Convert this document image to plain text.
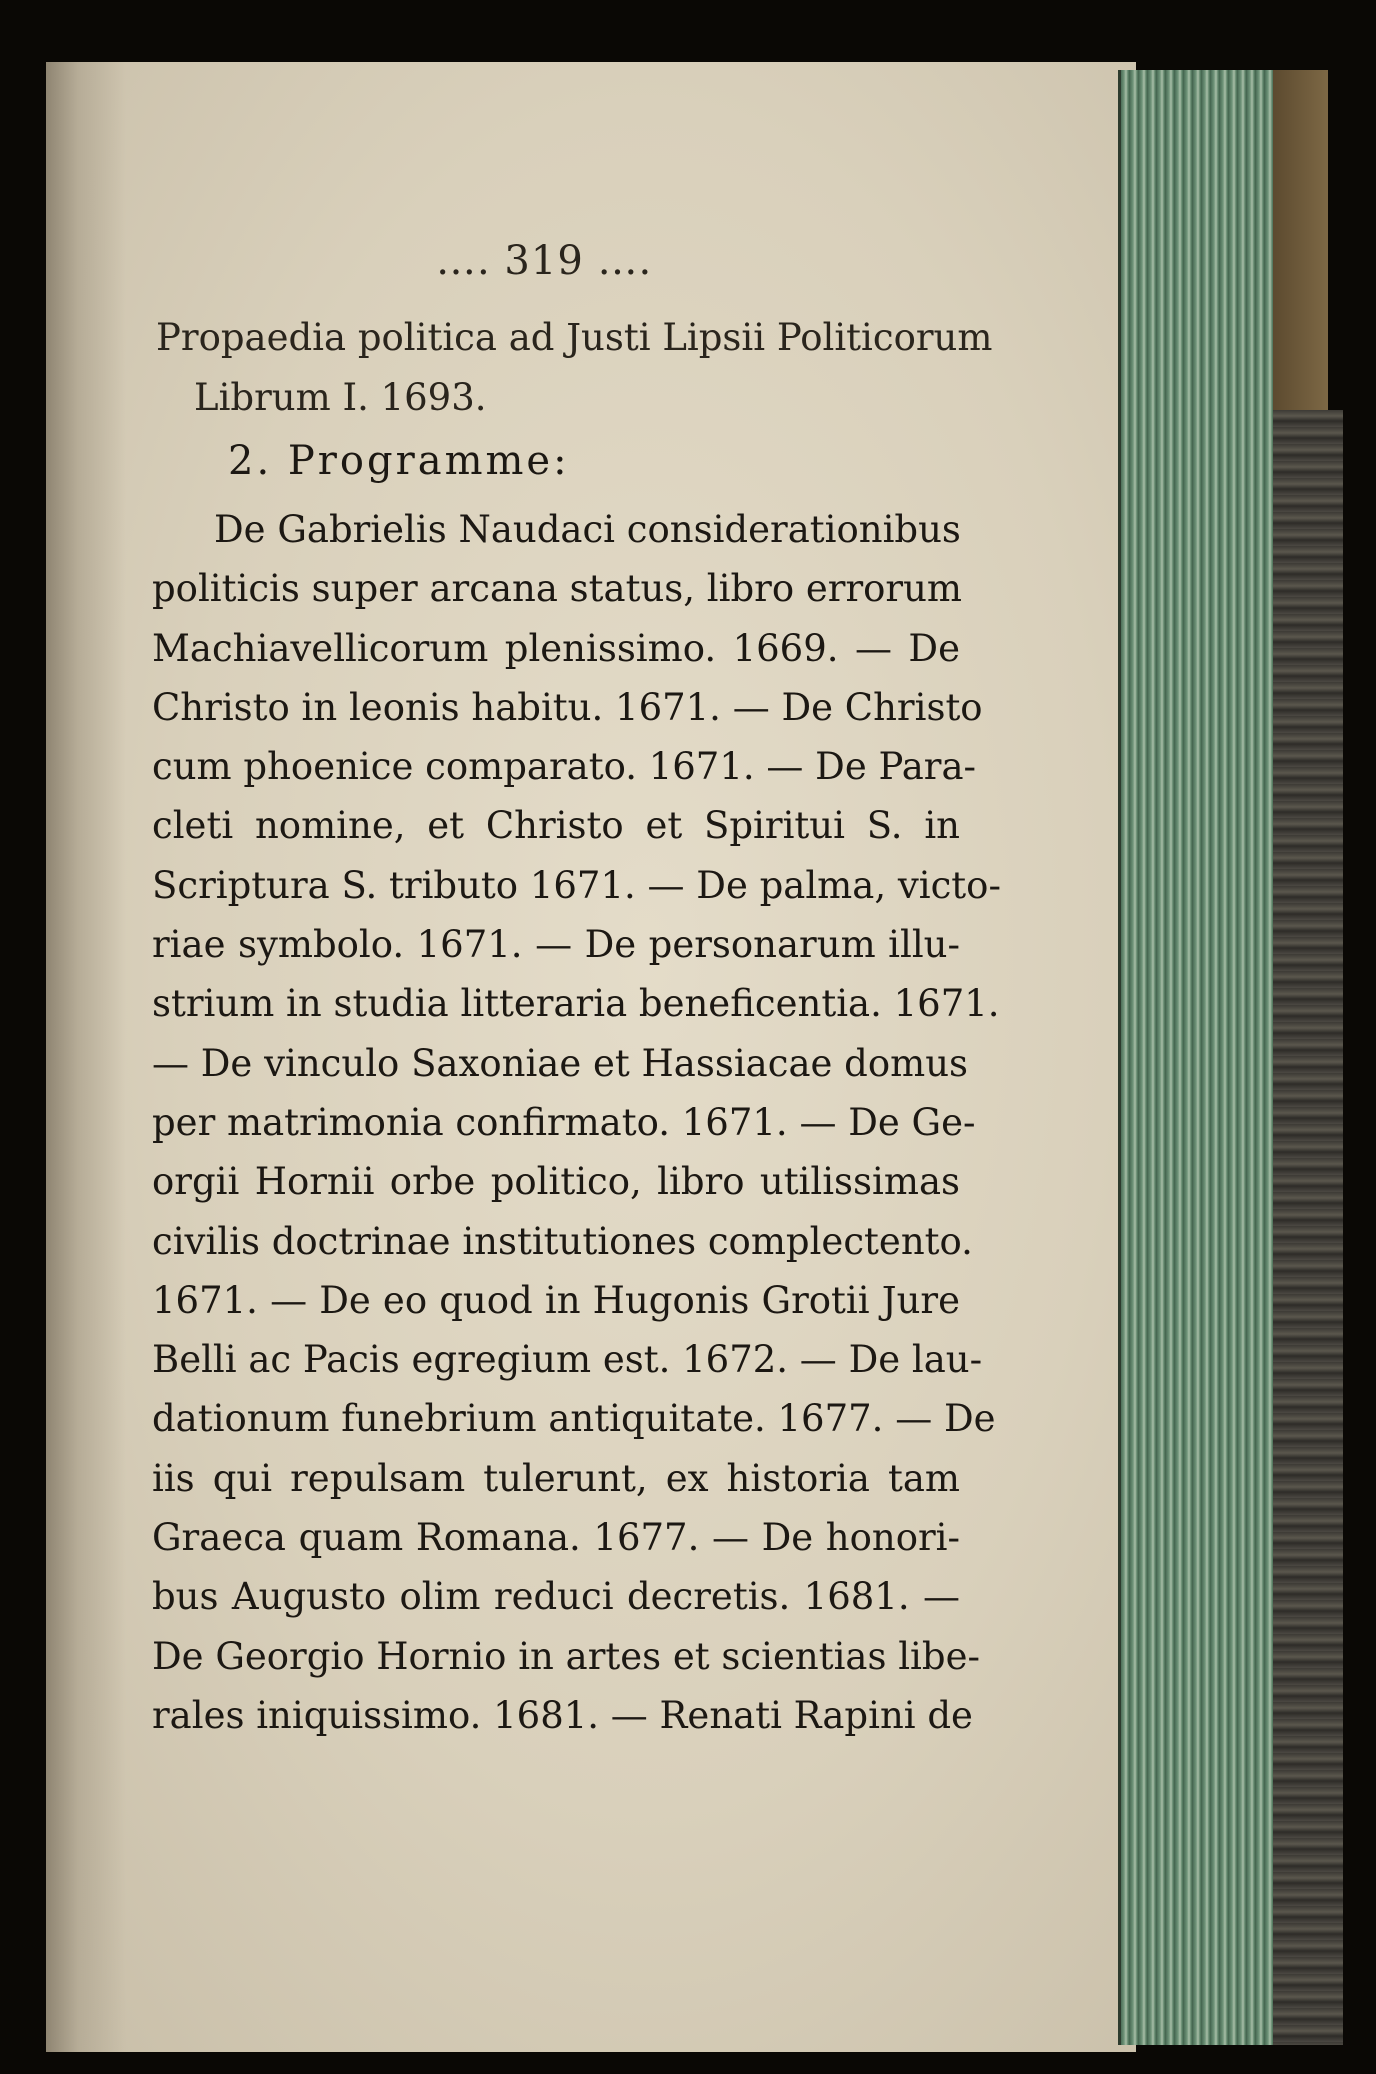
…. 319 ….
Propaedia politica ad Justi Lipsii Politicorum
Librum I. 1693.
2. Programme:
De Gabrielis Naudaci considerationibus
politicis super arcana status, libro errorum
Machiavellicorum plenissimo. 1669. — De
Christo in leonis habitu. 1671. — De Christo
cum phoenice comparato. 1671. — De Para-
cleti nomine, et Christo et Spiritui S. in
Scriptura S. tributo 1671. — De palma, victo-
riae symbolo. 1671. — De personarum illu-
strium in studia litteraria beneficentia. 1671.
— De vinculo Saxoniae et Hassiacae domus
per matrimonia confirmato. 1671. — De Ge-
orgii Hornii orbe politico, libro utilissimas
civilis doctrinae institutiones complectento.
1671. — De eo quod in Hugonis Grotii Jure
Belli ac Pacis egregium est. 1672. — De lau-
dationum funebrium antiquitate. 1677. — De
iis qui repulsam tulerunt, ex historia tam
Graeca quam Romana. 1677. — De honori-
bus Augusto olim reduci decretis. 1681. —
De Georgio Hornio in artes et scientias libe-
rales iniquissimo. 1681. — Renati Rapini de
